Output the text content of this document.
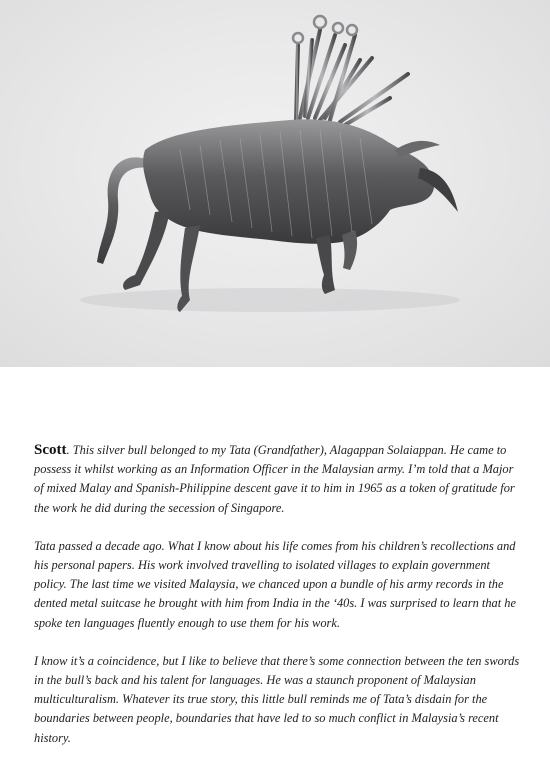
Scott. This silver bull belonged to my Tata (Grandfather), Alagappan Solaiappan. He came to possess it whilst working as an Information Officer in the Malaysian army. I’m told that a Major of mixed Malay and Spanish-Philippine descent gave it to him in 1965 as a token of gratitude for the work he did during the secession of Singapore.

Tata passed a decade ago. What I know about his life comes from his children’s recollections and his personal papers. His work involved travelling to isolated villages to explain government policy. The last time we visited Malaysia, we chanced upon a bundle of his army records in the dented metal suitcase he brought with him from India in the ‘40s. I was surprised to learn that he spoke ten languages fluently enough to use them for his work.

I know it’s a coincidence, but I like to believe that there’s some connection between the ten swords in the bull’s back and his talent for languages. He was a staunch proponent of Malaysian multiculturalism. Whatever its true story, this little bull reminds me of Tata’s disdain for the boundaries between people, boundaries that have led to so much conflict in Malaysia’s recent history.
